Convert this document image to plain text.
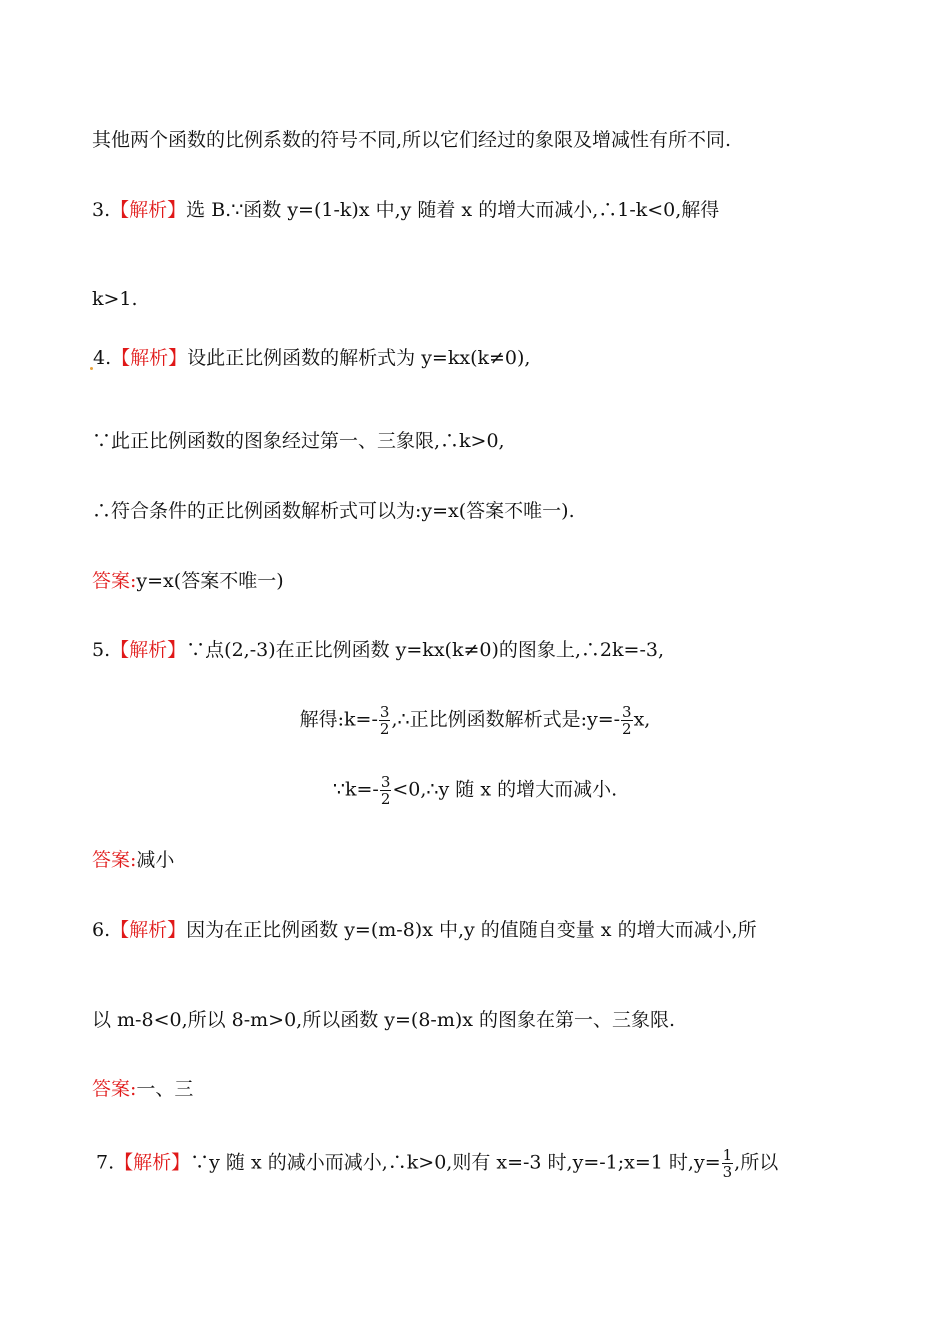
其他两个函数的比例系数的符号不同,所以它们经过的象限及增减性有所不同.
3.【解析】选 B.∵函数 y=(1-k)x 中,y 随着 x 的增大而减小,∴1-k<0,解得
k>1.
4.【解析】设此正比例函数的解析式为 y=kx(k≠0),
∵此正比例函数的图象经过第一、三象限,∴k>0,
∴符合条件的正比例函数解析式可以为:y=x(答案不唯一).
答案:y=x(答案不唯一)
5.【解析】∵点(2,-3)在正比例函数 y=kx(k≠0)的图象上,∴2k=-3,
解得:k=- $\frac{3}{2}$ ,∴正比例函数解析式是:y=- $\frac{3}{2} x$,
∵k=- $\frac{3}{2}$ <0,∴y 随 x 的增大而减小.
答案:减小
6.【解析】因为在正比例函数 y=(m-8)x 中,y 的值随自变量 x 的增大而减小,所
以 m-8<0,所以 8-m>0,所以函数 y=(8-m)x 的图象在第一、三象限.
答案:一、三
7.【解析】∵y 随 x 的减小而减小,∴k>0,则有 x=-3 时,y=-1;x=1 时$,y= \frac{1}{3}$ ,所以
